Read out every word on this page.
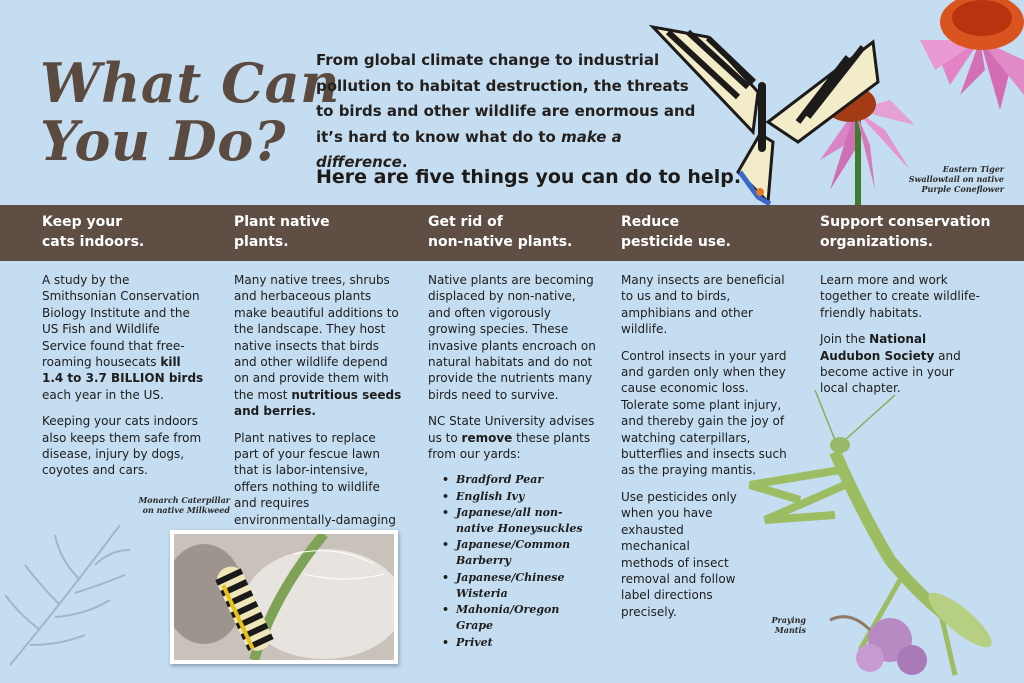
What Can
You Do?
From global climate change to industrial pollution to habitat destruction, the threats to birds and other wildlife are enormous and it’s hard to know what do to make a difference.
Here are five things you can do to help.	Eastern Tiger
Swallowtail on native
Purple Coneflower
Keep your
cats indoors.
Plant native
plants.
Get rid of
non-native plants.
Reduce
pesticide use.
Support conservation
organizations.

A study by the Smithsonian Conservation Biology Institute and the US Fish and Wildlife Service found that free-roaming housecats kill 1.4 to 3.7 BILLION birds each year in the US.

Keeping your cats indoors also keeps them safe from disease, injury by dogs, coyotes and cars.

Many native trees, shrubs and herbaceous plants make beautiful additions to the landscape. They host native insects that birds and other wildlife depend on and provide them with the most nutritious seeds and berries.

Plant natives to replace part of your fescue lawn that is labor-intensive, offers nothing to wildlife and requires environmentally-damaging

Native plants are becoming displaced by non-native, and often vigorously growing species. These invasive plants encroach on natural habitats and do not provide the nutrients many birds need to survive.

NC State University advises us to remove these plants from our yards:

• Bradford Pear
• English Ivy
• Japanese/all non-native Honeysuckles
• Japanese/Common Barberry
• Japanese/Chinese Wisteria
• Mahonia/Oregon Grape
• Privet

Many insects are beneficial to us and to birds, amphibians and other wildlife.

Control insects in your yard and garden only when they cause economic loss. Tolerate some plant injury, and thereby gain the joy of watching caterpillars, butterflies and insects such as the praying mantis.

Use pesticides only when you have exhausted mechanical methods of insect removal and follow label directions precisely.

Learn more and work together to create wildlife-friendly habitats.

Join the National Audubon Society and become active in your local chapter.

Monarch Caterpillar
on native Milkweed
Praying
Mantis
